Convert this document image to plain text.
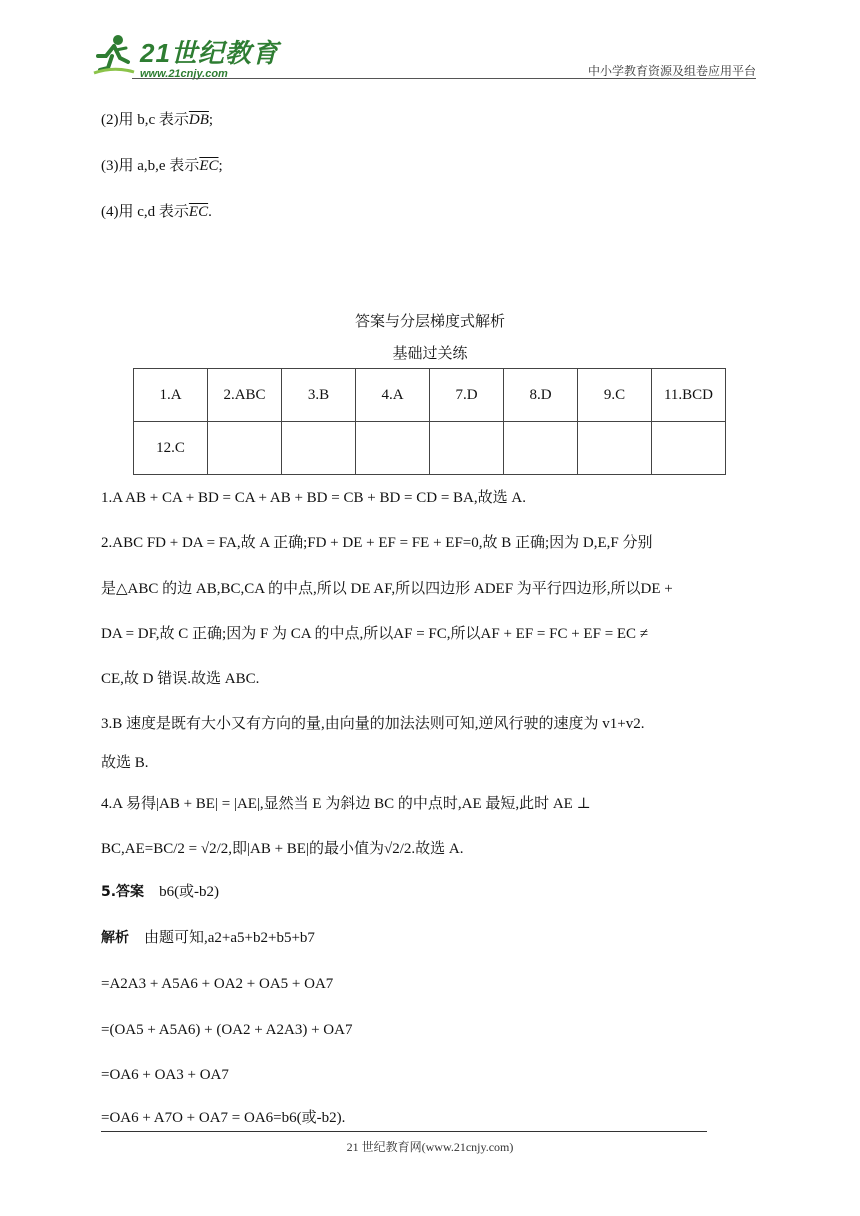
21世纪教育
www.21cnjy.com	中小学教育资源及组卷应用平台
(2)用 b,c 表示$\overline{DB}$;
(3)用 a,b,e 表示$\overline{EC}$;
(4)用 c,d 表示$\overline{EC}$.
答案与分层梯度式解析
基础过关练
1.A	2.ABC	3.B	4.A	7.D	8.D	9.C	11.BCD
12.C							
1.A AB + CA + BD = CA + AB + BD = CB + BD = CD = BA,故选 A.
2.ABC FD + DA = FA,故 A 正确;FD + DE + EF = FE + EF=0,故 B 正确;因为 D,E,F 分别
是△ABC 的边 AB,BC,CA 的中点,所以 DE AF,所以四边形 ADEF 为平行四边形,所以DE +
DA = DF,故 C 正确;因为 F 为 CA 的中点,所以AF = FC,所以AF + EF = FC + EF = EC ≠
CE,故 D 错误.故选 ABC.
3.B 速度是既有大小又有方向的量,由向量的加法法则可知,逆风行驶的速度为 v1+v2.
故选 B.
4.A 易得|AB + BE| = |AE|,显然当 E 为斜边 BC 的中点时,AE 最短,此时 AE ⊥
BC,AE=BC/2 = √2/2,即|AB + BE|的最小值为√2/2.故选 A.
5.答案 b6(或-b2)
解析 由题可知,a2+a5+b2+b5+b7
=A2A3 + A5A6 + OA2 + OA5 + OA7
=(OA5 + A5A6) + (OA2 + A2A3) + OA7
=OA6 + OA3 + OA7
=OA6 + A7O + OA7 = OA6=b6(或-b2).
21 世纪教育网(www.21cnjy.com)
